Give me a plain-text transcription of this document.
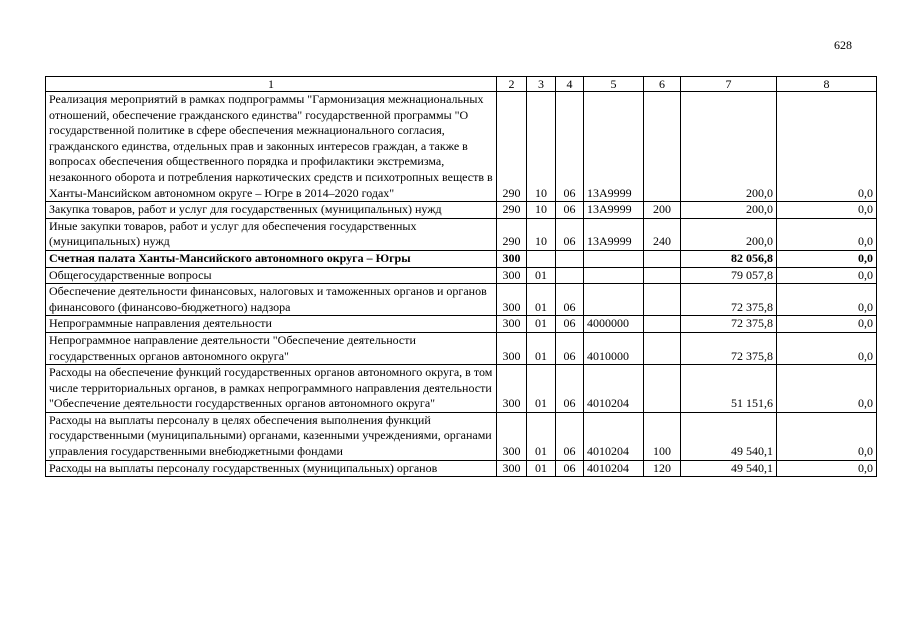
628
1	2	3	4	5	6	7	8
Реализация мероприятий в рамках подпрограммы "Гармонизация межнациональных отношений, обеспечение гражданского единства" государственной программы "О государственной политике в сфере обеспечения межнационального согласия, гражданского единства, отдельных прав и законных интересов граждан, а также в вопросах обеспечения общественного порядка и профилактики экстремизма, незаконного оборота и потребления наркотических средств и психотропных веществ в Ханты-Мансийском автономном округе – Югре в 2014–2020 годах"	290	10	06	13А9999		200,0	0,0
Закупка товаров, работ и услуг для государственных (муниципальных) нужд	290	10	06	13А9999	200	200,0	0,0
Иные закупки товаров, работ и услуг для обеспечения государственных (муниципальных) нужд	290	10	06	13А9999	240	200,0	0,0
Счетная палата Ханты-Мансийского автономного округа – Югры	300					82 056,8	0,0
Общегосударственные вопросы	300	01				79 057,8	0,0
Обеспечение деятельности финансовых, налоговых и таможенных органов и органов финансового (финансово-бюджетного) надзора	300	01	06			72 375,8	0,0
Непрограммные направления деятельности	300	01	06	4000000		72 375,8	0,0
Непрограммное направление деятельности "Обеспечение деятельности государственных органов автономного округа"	300	01	06	4010000		72 375,8	0,0
Расходы на обеспечение функций государственных органов автономного округа, в том числе территориальных органов, в рамках непрограммного направления деятельности "Обеспечение деятельности государственных органов автономного округа"	300	01	06	4010204		51 151,6	0,0
Расходы на выплаты персоналу в целях обеспечения выполнения функций государственными (муниципальными) органами, казенными учреждениями, органами управления государственными внебюджетными фондами	300	01	06	4010204	100	49 540,1	0,0
Расходы на выплаты персоналу государственных (муниципальных) органов	300	01	06	4010204	120	49 540,1	0,0
